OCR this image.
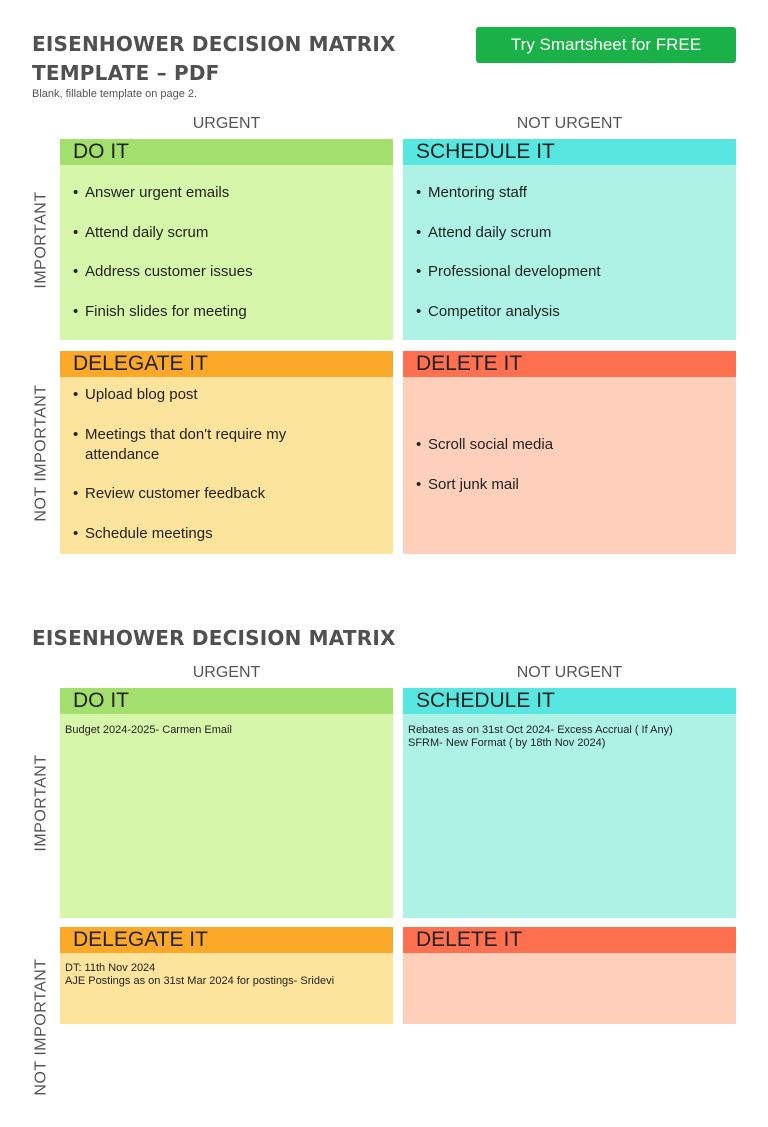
EISENHOWER DECISION MATRIX TEMPLATE – PDF
Blank, fillable template on page 2.
Try Smartsheet for FREE
URGENT	NOT URGENT
IMPORTANT
NOT IMPORTANT
DO IT
• Answer urgent emails
• Attend daily scrum
• Address customer issues
• Finish slides for meeting
SCHEDULE IT
• Mentoring staff
• Attend daily scrum
• Professional development
• Competitor analysis
DELEGATE IT
• Upload blog post
• Meetings that don't require my attendance
• Review customer feedback
• Schedule meetings
DELETE IT
• Scroll social media
• Sort junk mail
EISENHOWER DECISION MATRIX
URGENT	NOT URGENT
IMPORTANT
NOT IMPORTANT
DO IT
Budget 2024-2025- Carmen Email
SCHEDULE IT
Rebates as on 31st Oct 2024- Excess Accrual ( If Any)
SFRM- New Format ( by 18th Nov 2024)
DELEGATE IT
DT: 11th Nov 2024
AJE Postings as on 31st Mar 2024 for postings- Sridevi
DELETE IT
